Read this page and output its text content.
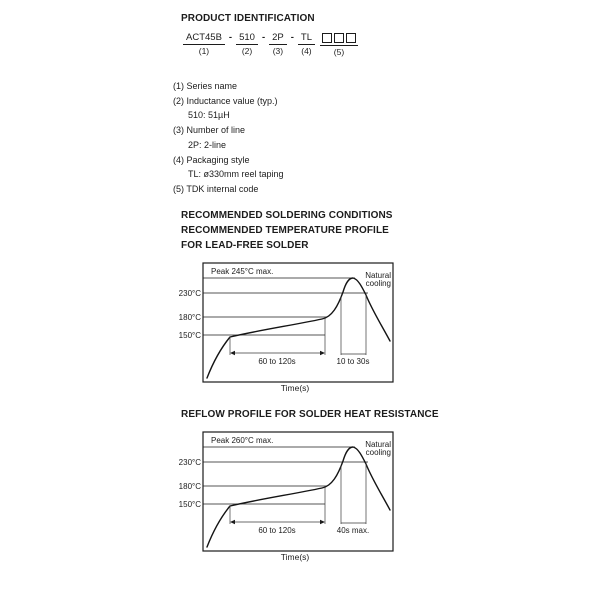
PRODUCT IDENTIFICATION
ACT45B
(1)
- 510
(2)
- 2P
(3)
- TL
(4)	(5)
(1) Series name
(2) Inductance value (typ.)
510: 51µH
(3) Number of line
2P: 2-line
(4) Packaging style
TL: ø330mm reel taping
(5) TDK internal code
RECOMMENDED SOLDERING CONDITIONS
RECOMMENDED TEMPERATURE PROFILE
FOR LEAD-FREE SOLDER
230°C
180°C
150°C
Peak 245°C max.	Natural
cooling
60 to 120s	10 to 30s
Time(s)
REFLOW PROFILE FOR SOLDER HEAT RESISTANCE
230°C
180°C
150°C
Peak 260°C max.	Natural
cooling
60 to 120s	40s max.
Time(s)
